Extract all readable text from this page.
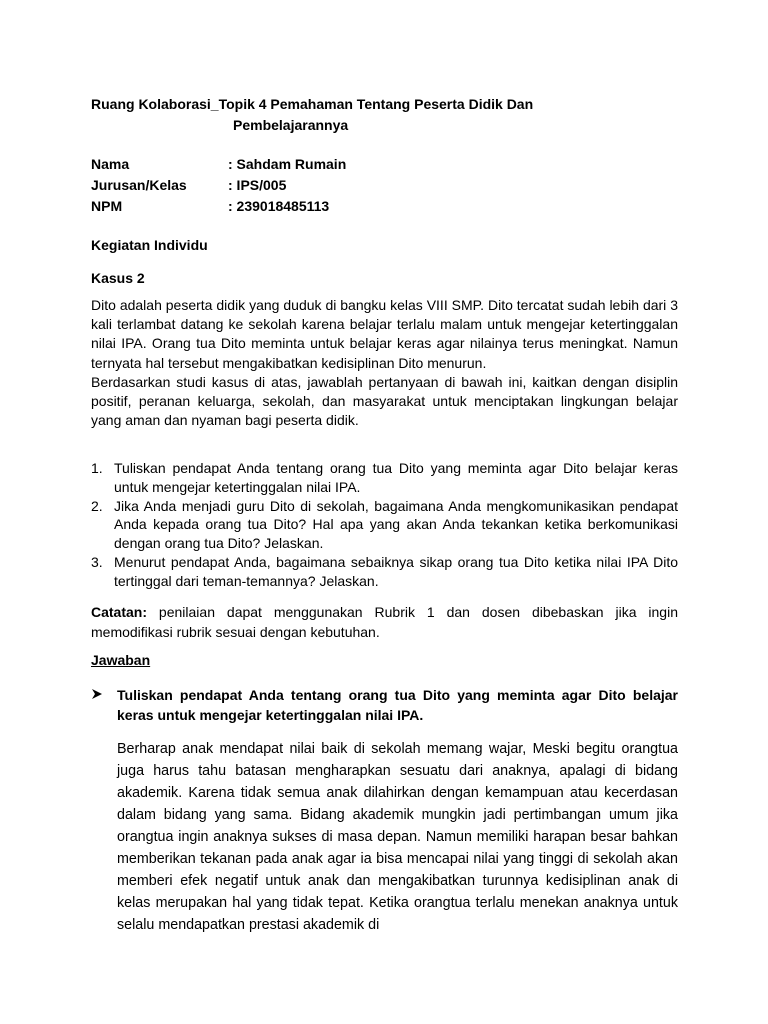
Ruang Kolaborasi_Topik 4 Pemahaman Tentang Peserta Didik Dan
Pembelajarannya
Nama	: Sahdam Rumain
Jurusan/Kelas	: IPS/005
NPM	: 239018485113
Kegiatan Individu
Kasus 2

Dito adalah peserta didik yang duduk di bangku kelas VIII SMP. Dito tercatat sudah lebih dari 3 kali terlambat datang ke sekolah karena belajar terlalu malam untuk mengejar ketertinggalan nilai IPA. Orang tua Dito meminta untuk belajar keras agar nilainya terus meningkat. Namun ternyata hal tersebut mengakibatkan kedisiplinan Dito menurun.

Berdasarkan studi kasus di atas, jawablah pertanyaan di bawah ini, kaitkan dengan disiplin positif, peranan keluarga, sekolah, dan masyarakat untuk menciptakan lingkungan belajar yang aman dan nyaman bagi peserta didik.

1. Tuliskan pendapat Anda tentang orang tua Dito yang meminta agar Dito belajar keras untuk mengejar ketertinggalan nilai IPA.
2. Jika Anda menjadi guru Dito di sekolah, bagaimana Anda mengkomunikasikan pendapat Anda kepada orang tua Dito? Hal apa yang akan Anda tekankan ketika berkomunikasi dengan orang tua Dito? Jelaskan.
3. Menurut pendapat Anda, bagaimana sebaiknya sikap orang tua Dito ketika nilai IPA Dito tertinggal dari teman-temannya? Jelaskan.
Catatan: penilaian dapat menggunakan Rubrik 1 dan dosen dibebaskan jika ingin memodifikasi rubrik sesuai dengan kebutuhan.
Jawaban
Tuliskan pendapat Anda tentang orang tua Dito yang meminta agar Dito belajar keras untuk mengejar ketertinggalan nilai IPA.
Berharap anak mendapat nilai baik di sekolah memang wajar, Meski begitu orangtua juga harus tahu batasan mengharapkan sesuatu dari anaknya, apalagi di bidang akademik. Karena tidak semua anak dilahirkan dengan kemampuan atau kecerdasan dalam bidang yang sama. Bidang akademik mungkin jadi pertimbangan umum jika orangtua ingin anaknya sukses di masa depan. Namun memiliki harapan besar bahkan memberikan tekanan pada anak agar ia bisa mencapai nilai yang tinggi di sekolah akan memberi efek negatif untuk anak dan mengakibatkan turunnya kedisiplinan anak di kelas merupakan hal yang tidak tepat. Ketika orangtua terlalu menekan anaknya untuk selalu mendapatkan prestasi akademik di
